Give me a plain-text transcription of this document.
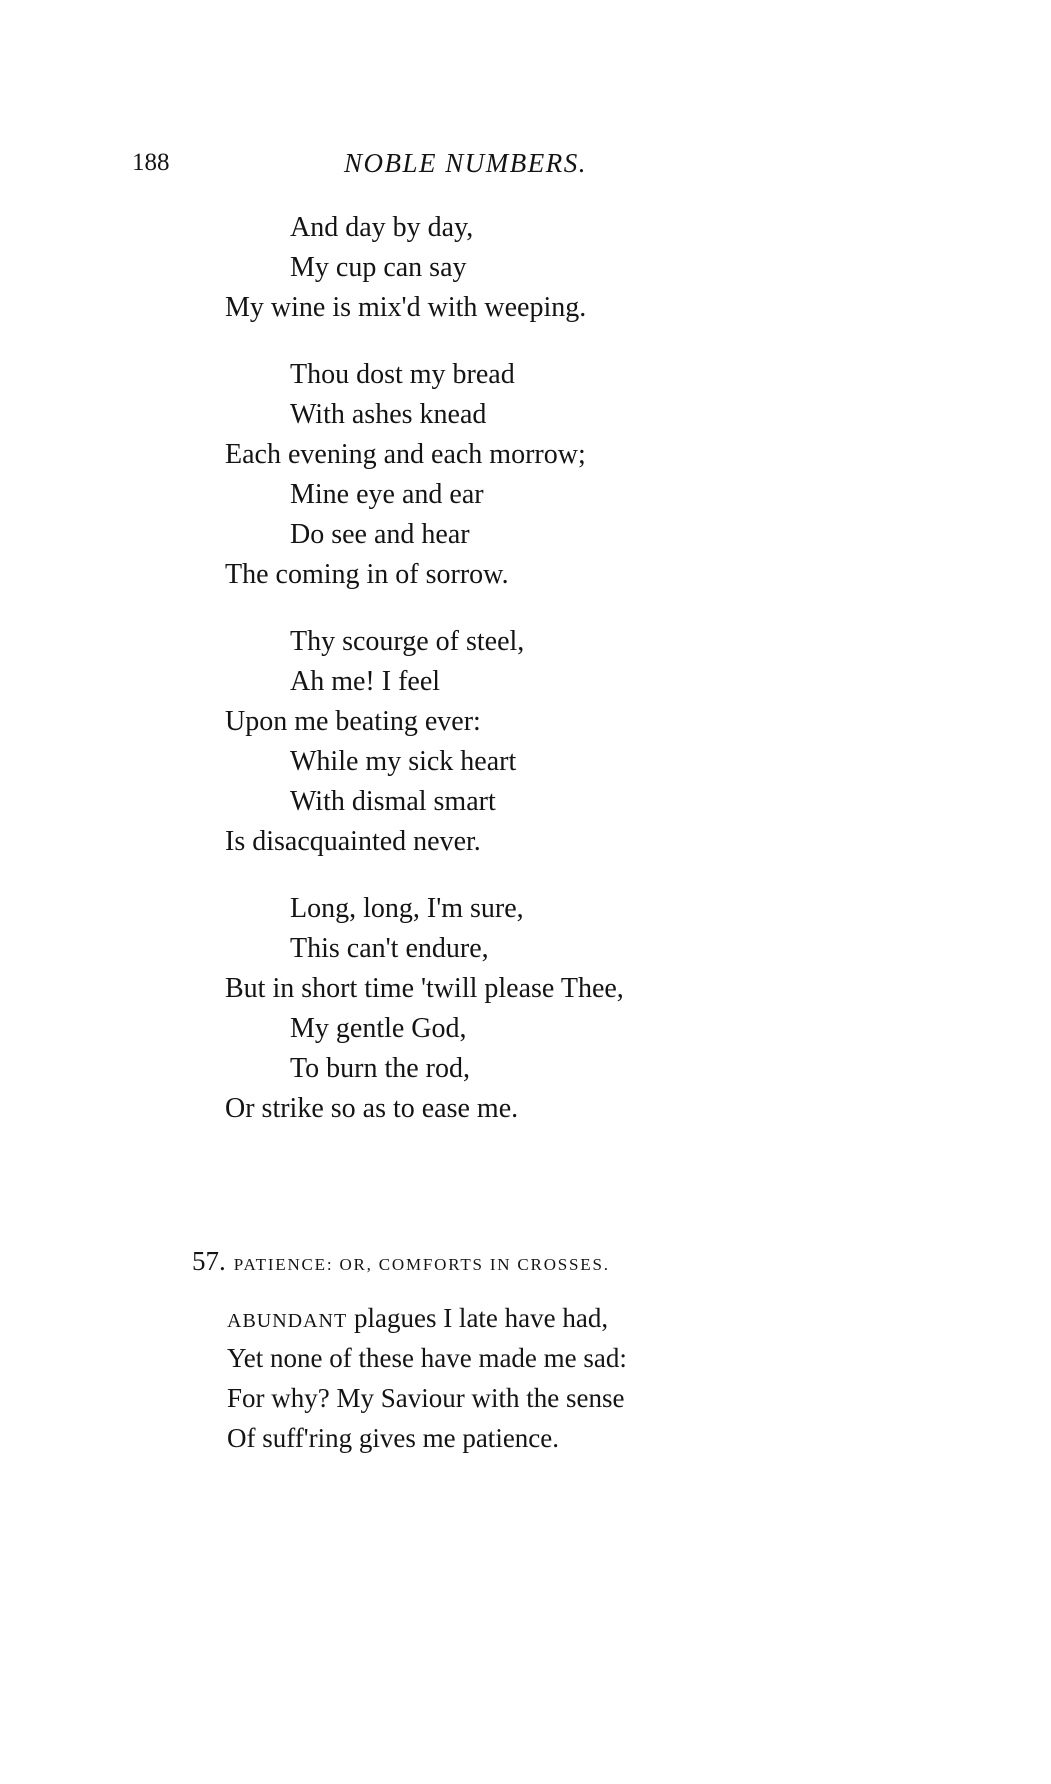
188	NOBLE NUMBERS.
And day by day,
My cup can say
My wine is mix'd with weeping.
Thou dost my bread
With ashes knead
Each evening and each morrow;
Mine eye and ear
Do see and hear
The coming in of sorrow.
Thy scourge of steel,
Ah me! I feel
Upon me beating ever:
While my sick heart
With dismal smart
Is disacquainted never.
Long, long, I'm sure,
This can't endure,
But in short time 'twill please Thee,
My gentle God,
To burn the rod,
Or strike so as to ease me.
57. PATIENCE: OR, COMFORTS IN CROSSES.
ABUNDANT plagues I late have had,
Yet none of these have made me sad:
For why? My Saviour with the sense
Of suff'ring gives me patience.
